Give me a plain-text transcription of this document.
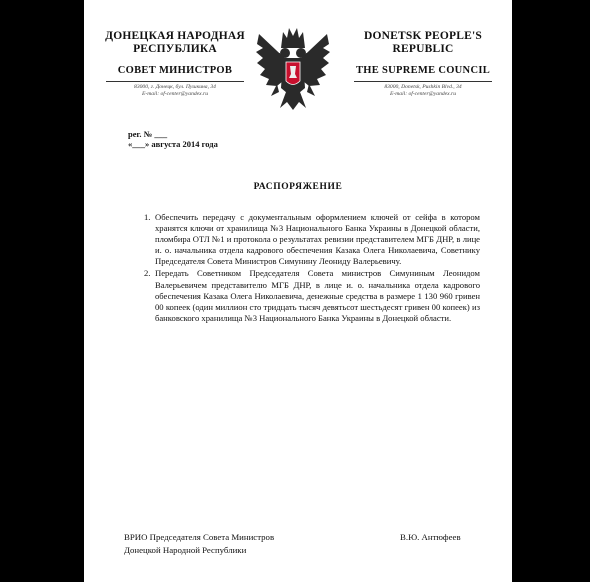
ДОНЕЦКАЯ НАРОДНАЯ
РЕСПУБЛИКА
СОВЕТ МИНИСТРОВ
83000, г. Донецк, бул. Пушкина, 34
E-mail: of-center@yandex.ru
DONETSK PEOPLE'S
REPUBLIC
THE SUPREME COUNCIL
83000, Donetsk, Pushkin Blvd., 34
E-mail: of-center@yandex.ru
рег. № ___
«___» августа 2014 года
РАСПОРЯЖЕНИЕ
1. Обеспечить передачу с документальным оформлением ключей от сейфа в котором хранятся ключи от хранилища №3 Национального Банка Украины в Донецкой области, пломбира ОТЛ №1 и протокола о результатах ревизии представителем МГБ ДНР, в лице и. о. начальника отдела кадрового обеспечения Казака Олега Николаевича, Советнику Председателя Совета Министров Симунину Леониду Валерьевичу.
2. Передать Советником Председателя Совета министров Симуниным Леонидом Валерьевичем представителю МГБ ДНР, в лице и. о. начальника отдела кадрового обеспечения Казака Олега Николаевича, денежные средства в размере 1 130 960 гривен 00 копеек (один миллион сто тридцать тысяч девятьсот шестьдесят гривен 00 копеек) из банковского хранилища №3 Национального Банка Украины в Донецкой области.
ВРИО Председателя Совета Министров
Донецкой Народной Республики
В.Ю. Антюфеев
